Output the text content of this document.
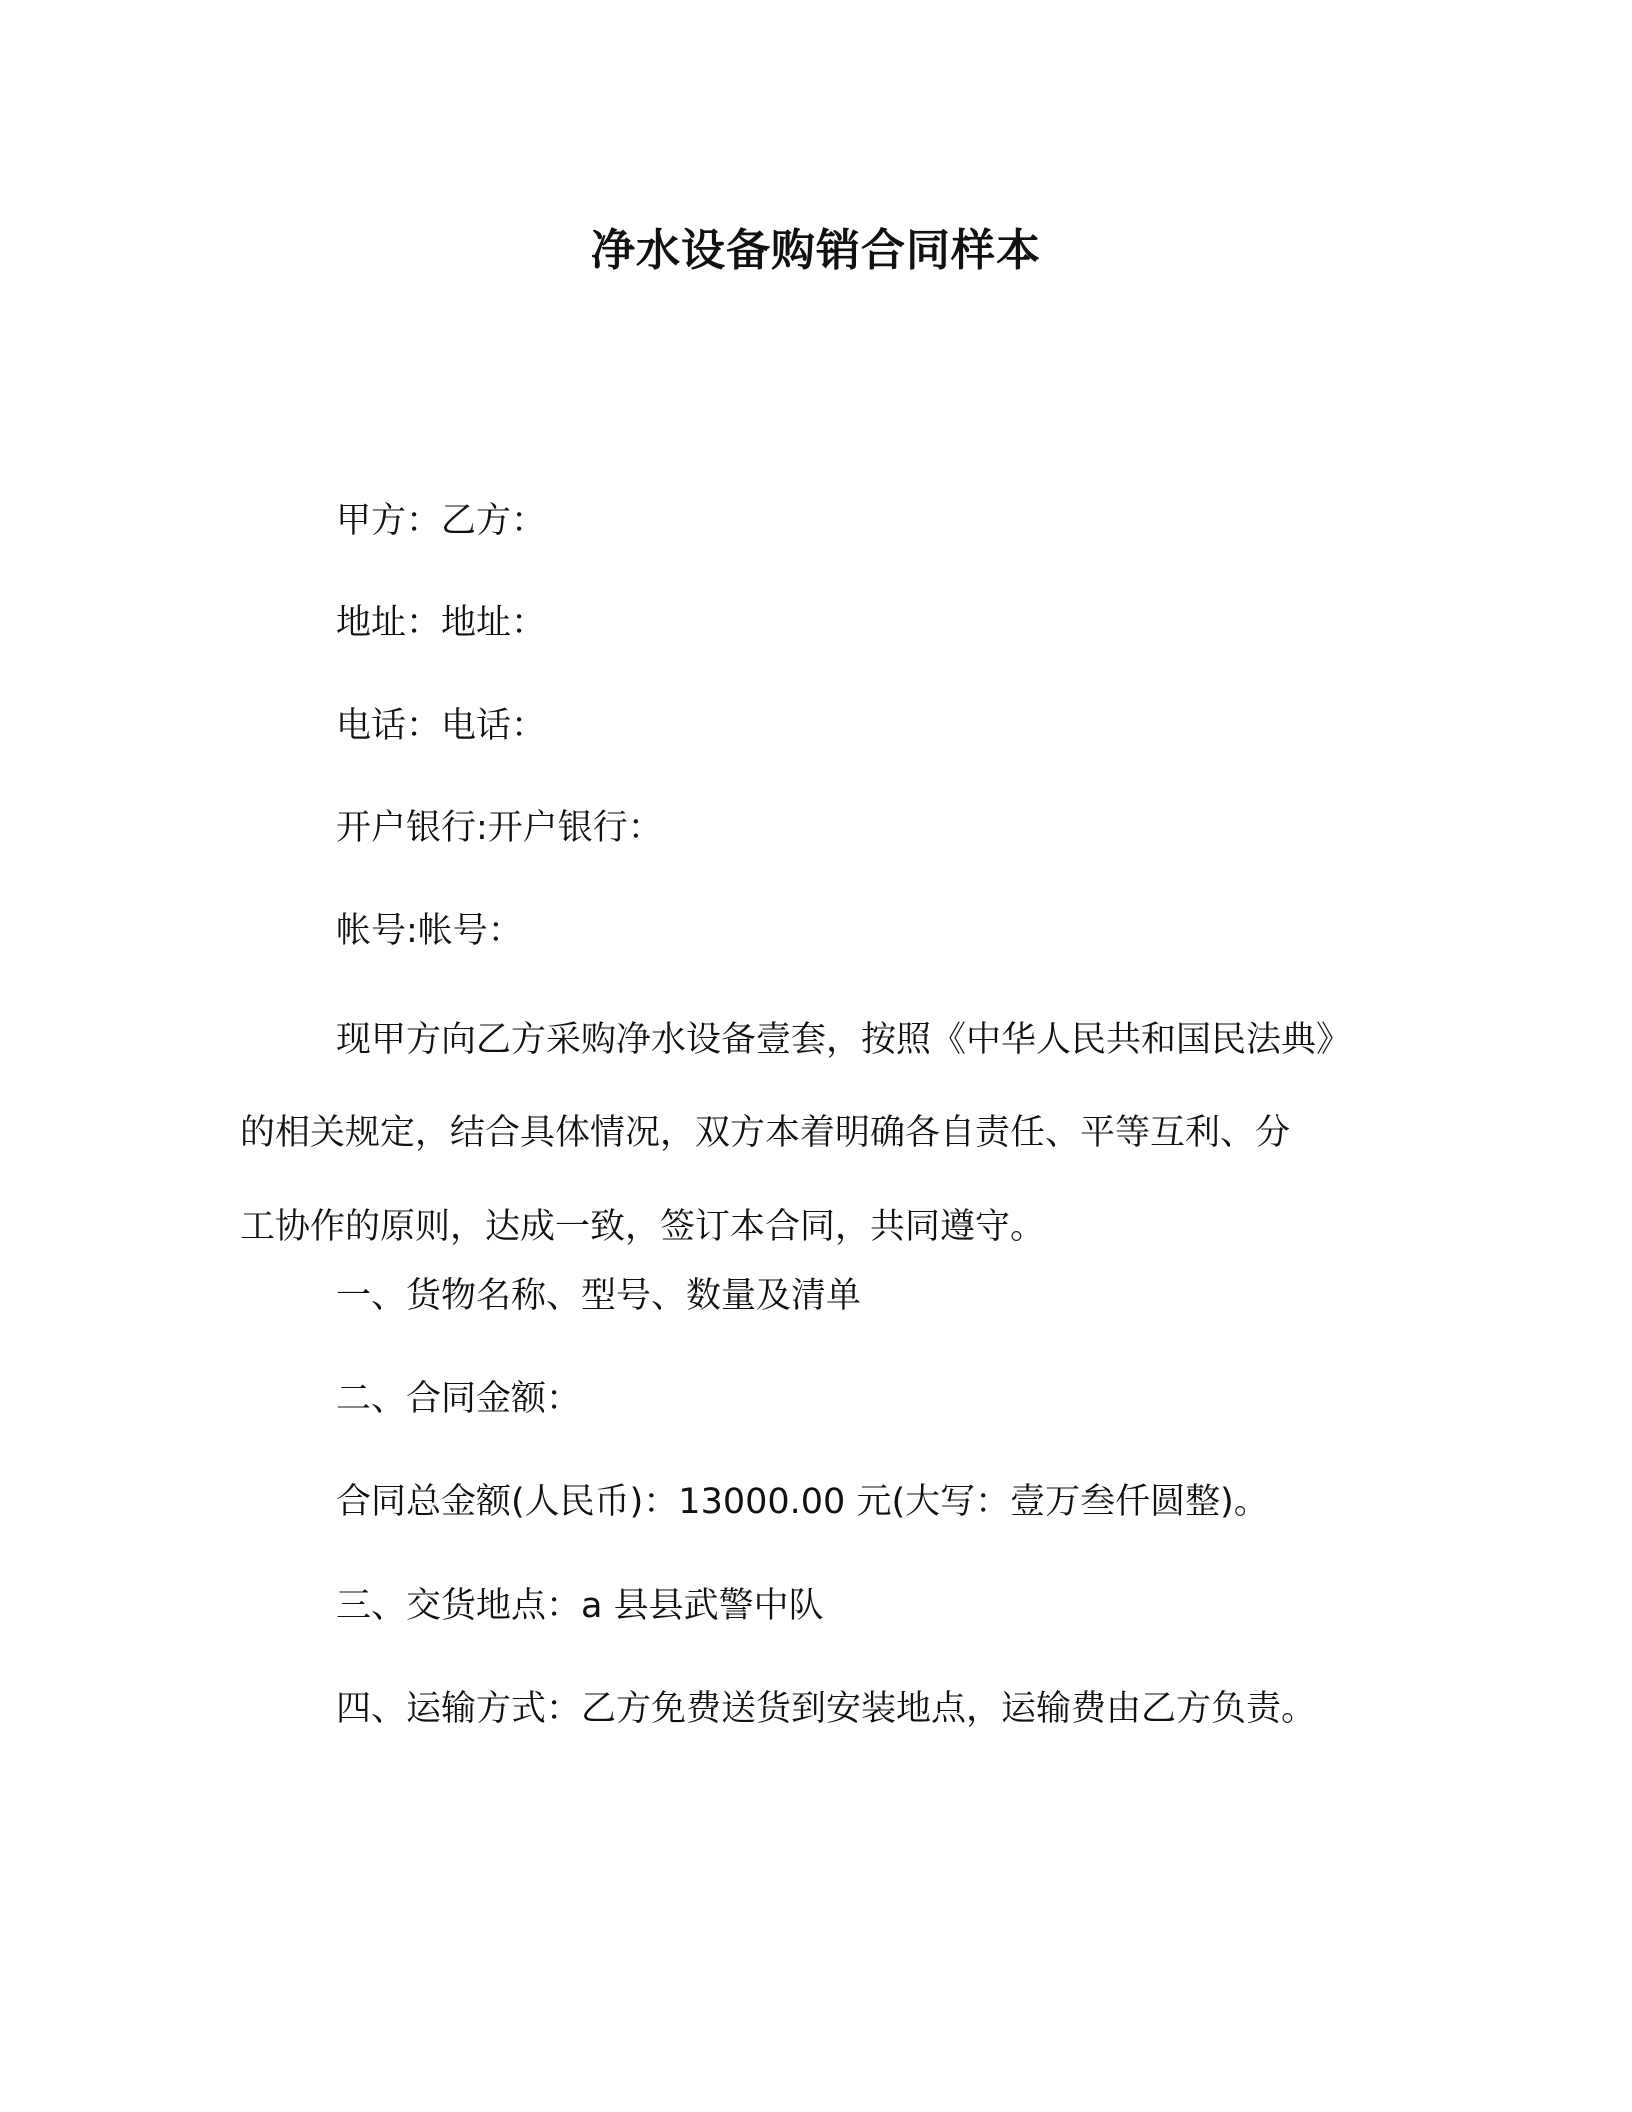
净水设备购销合同样本
甲方：乙方：
地址：地址：
电话：电话：
开户银行:开户银行：
帐号:帐号：
现甲方向乙方采购净水设备壹套，按照《中华人民共和国民法典》
的相关规定，结合具体情况，双方本着明确各自责任、平等互利、分
工协作的原则，达成一致，签订本合同，共同遵守。
一、货物名称、型号、数量及清单
二、合同金额：
合同总金额(人民币)：13000.00 元(大写：壹万叁仟圆整)。
三、交货地点：a 县县武警中队
四、运输方式：乙方免费送货到安装地点，运输费由乙方负责。
